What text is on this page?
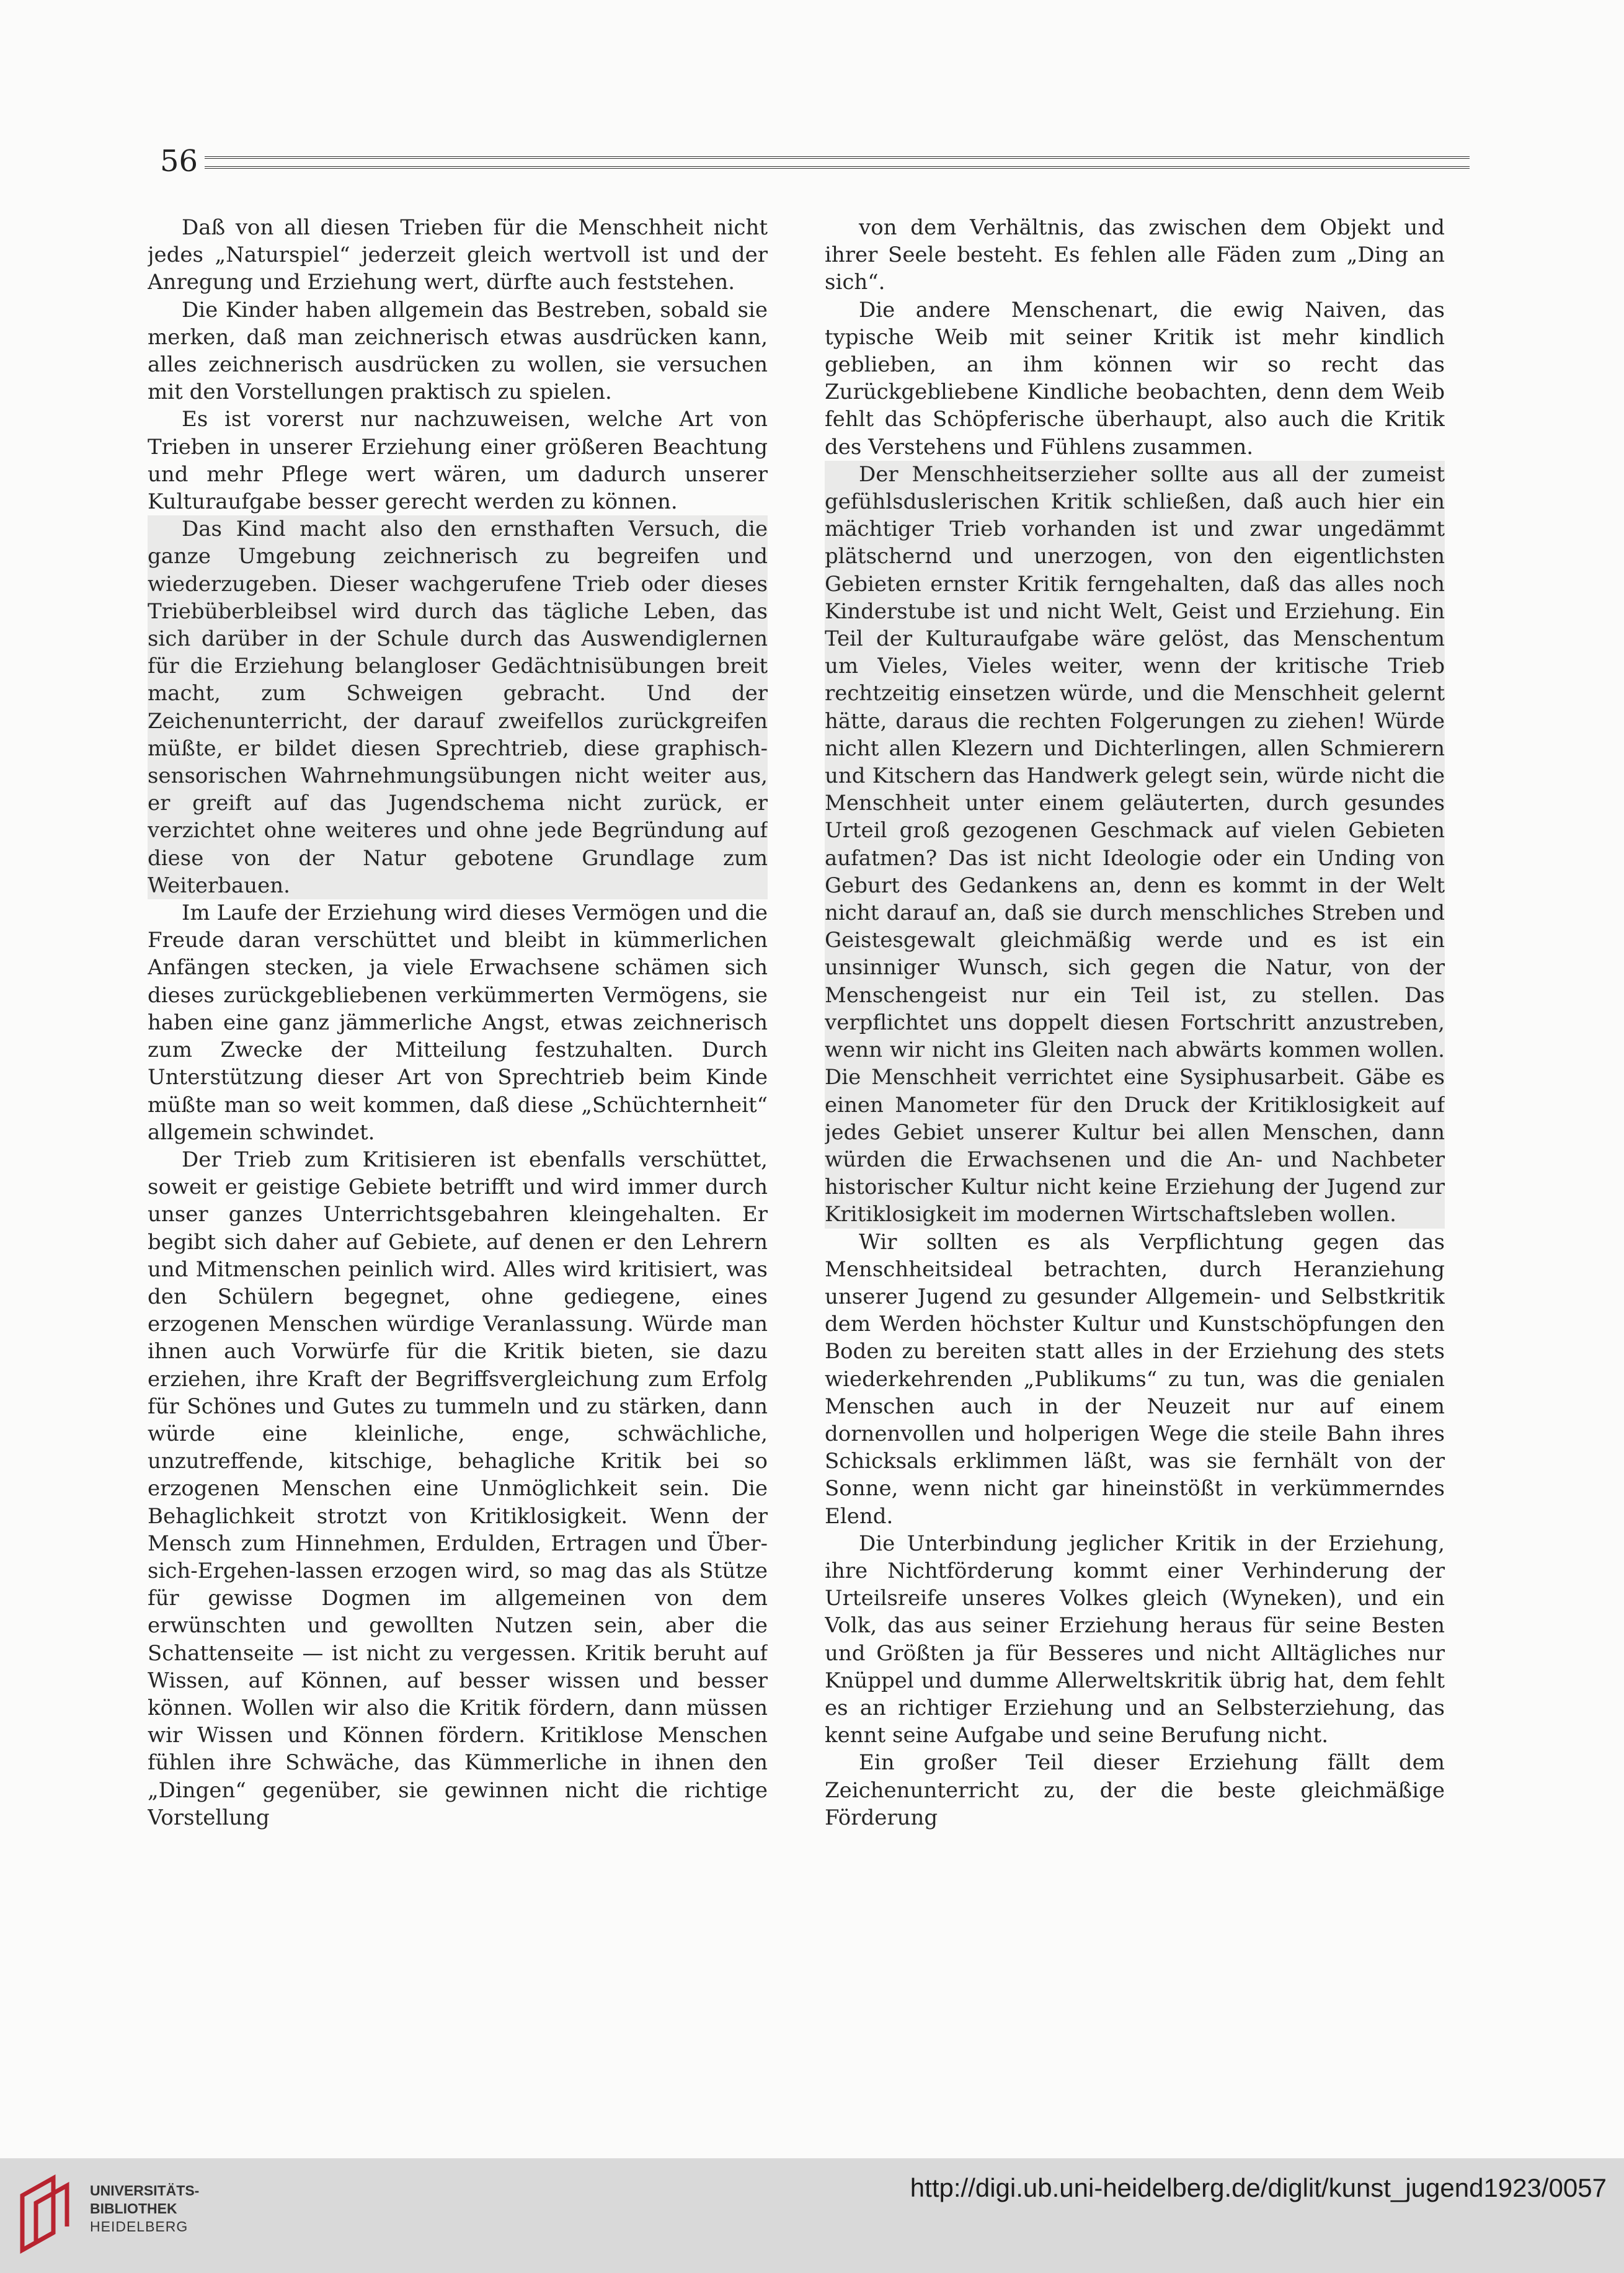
56

Daß von all diesen Trieben für die Menschheit nicht jedes „Naturspiel“ jederzeit gleich wertvoll ist und der Anregung und Erziehung wert, dürfte auch feststehen.

Die Kinder haben allgemein das Bestreben, sobald sie merken, daß man zeichnerisch etwas ausdrücken kann, alles zeichnerisch ausdrücken zu wollen, sie versuchen mit den Vorstellungen praktisch zu spielen.

Es ist vorerst nur nachzuweisen, welche Art von Trieben in unserer Erziehung einer größeren Beachtung und mehr Pflege wert wären, um dadurch unserer Kulturaufgabe besser gerecht werden zu können.

Das Kind macht also den ernsthaften Versuch, die ganze Umgebung zeichnerisch zu begreifen und wiederzugeben. Dieser wachgerufene Trieb oder dieses Triebüberbleibsel wird durch das tägliche Leben, das sich darüber in der Schule durch das Auswendiglernen für die Erziehung belangloser Gedächtnisübungen breit macht, zum Schweigen gebracht. Und der Zeichenunterricht, der darauf zweifellos zurückgreifen müßte, er bildet diesen Sprechtrieb, diese graphisch-sensorischen Wahrnehmungsübungen nicht weiter aus, er greift auf das Jugendschema nicht zurück, er verzichtet ohne weiteres und ohne jede Begründung auf diese von der Natur gebotene Grundlage zum Weiterbauen.

Im Laufe der Erziehung wird dieses Vermögen und die Freude daran verschüttet und bleibt in kümmerlichen Anfängen stecken, ja viele Erwachsene schämen sich dieses zurückgebliebenen verkümmerten Vermögens, sie haben eine ganz jämmerliche Angst, etwas zeichnerisch zum Zwecke der Mitteilung festzuhalten. Durch Unterstützung dieser Art von Sprechtrieb beim Kinde müßte man so weit kommen, daß diese „Schüchternheit“ allgemein schwindet.

Der Trieb zum Kritisieren ist ebenfalls verschüttet, soweit er geistige Gebiete betrifft und wird immer durch unser ganzes Unterrichtsgebahren kleingehalten. Er begibt sich daher auf Gebiete, auf denen er den Lehrern und Mitmenschen peinlich wird. Alles wird kritisiert, was den Schülern begegnet, ohne gediegene, eines erzogenen Menschen würdige Veranlassung. Würde man ihnen auch Vorwürfe für die Kritik bieten, sie dazu erziehen, ihre Kraft der Begriffsvergleichung zum Erfolg für Schönes und Gutes zu tummeln und zu stärken, dann würde eine kleinliche, enge, schwächliche, unzutreffende, kitschige, behagliche Kritik bei so erzogenen Menschen eine Unmöglichkeit sein. Die Behaglichkeit strotzt von Kritiklosigkeit. Wenn der Mensch zum Hinnehmen, Erdulden, Ertragen und Über-sich-Ergehen-lassen erzogen wird, so mag das als Stütze für gewisse Dogmen im allgemeinen von dem erwünschten und gewollten Nutzen sein, aber die Schattenseite — ist nicht zu vergessen. Kritik beruht auf Wissen, auf Können, auf besser wissen und besser können. Wollen wir also die Kritik fördern, dann müssen wir Wissen und Können fördern. Kritiklose Menschen fühlen ihre Schwäche, das Kümmerliche in ihnen den „Dingen“ gegenüber, sie gewinnen nicht die richtige Vorstellung

von dem Verhältnis, das zwischen dem Objekt und ihrer Seele besteht. Es fehlen alle Fäden zum „Ding an sich“.

Die andere Menschenart, die ewig Naiven, das typische Weib mit seiner Kritik ist mehr kindlich geblieben, an ihm können wir so recht das Zurückgebliebene Kindliche beobachten, denn dem Weib fehlt das Schöpferische überhaupt, also auch die Kritik des Verstehens und Fühlens zusammen.

Der Menschheitserzieher sollte aus all der zumeist gefühlsduslerischen Kritik schließen, daß auch hier ein mächtiger Trieb vorhanden ist und zwar ungedämmt plätschernd und unerzogen, von den eigentlichsten Gebieten ernster Kritik ferngehalten, daß das alles noch Kinderstube ist und nicht Welt, Geist und Erziehung. Ein Teil der Kulturaufgabe wäre gelöst, das Menschentum um Vieles, Vieles weiter, wenn der kritische Trieb rechtzeitig einsetzen würde, und die Menschheit gelernt hätte, daraus die rechten Folgerungen zu ziehen! Würde nicht allen Klezern und Dichterlingen, allen Schmierern und Kitschern das Handwerk gelegt sein, würde nicht die Menschheit unter einem geläuterten, durch gesundes Urteil groß gezogenen Geschmack auf vielen Gebieten aufatmen? Das ist nicht Ideologie oder ein Unding von Geburt des Gedankens an, denn es kommt in der Welt nicht darauf an, daß sie durch menschliches Streben und Geistesgewalt gleichmäßig werde und es ist ein unsinniger Wunsch, sich gegen die Natur, von der Menschengeist nur ein Teil ist, zu stellen. Das verpflichtet uns doppelt diesen Fortschritt anzustreben, wenn wir nicht ins Gleiten nach abwärts kommen wollen. Die Menschheit verrichtet eine Sysiphusarbeit. Gäbe es einen Manometer für den Druck der Kritiklosigkeit auf jedes Gebiet unserer Kultur bei allen Menschen, dann würden die Erwachsenen und die An- und Nachbeter historischer Kultur nicht keine Erziehung der Jugend zur Kritiklosigkeit im modernen Wirtschaftsleben wollen.

Wir sollten es als Verpflichtung gegen das Menschheitsideal betrachten, durch Heranziehung unserer Jugend zu gesunder Allgemein- und Selbstkritik dem Werden höchster Kultur und Kunstschöpfungen den Boden zu bereiten statt alles in der Erziehung des stets wiederkehrenden „Publikums“ zu tun, was die genialen Menschen auch in der Neuzeit nur auf einem dornenvollen und holperigen Wege die steile Bahn ihres Schicksals erklimmen läßt, was sie fernhält von der Sonne, wenn nicht gar hineinstößt in verkümmerndes Elend.

Die Unterbindung jeglicher Kritik in der Erziehung, ihre Nichtförderung kommt einer Verhinderung der Urteilsreife unseres Volkes gleich (Wyneken), und ein Volk, das aus seiner Erziehung heraus für seine Besten und Größten ja für Besseres und nicht Alltägliches nur Knüppel und dumme Allerweltskritik übrig hat, dem fehlt es an richtiger Erziehung und an Selbsterziehung, das kennt seine Aufgabe und seine Berufung nicht.

Ein großer Teil dieser Erziehung fällt dem Zeichenunterricht zu, der die beste gleichmäßige Förderung

UNIVERSITÄTS-
BIBLIOTHEK
HEIDELBERG
http://digi.ub.uni-heidelberg.de/diglit/kunst_jugend1923/0057
